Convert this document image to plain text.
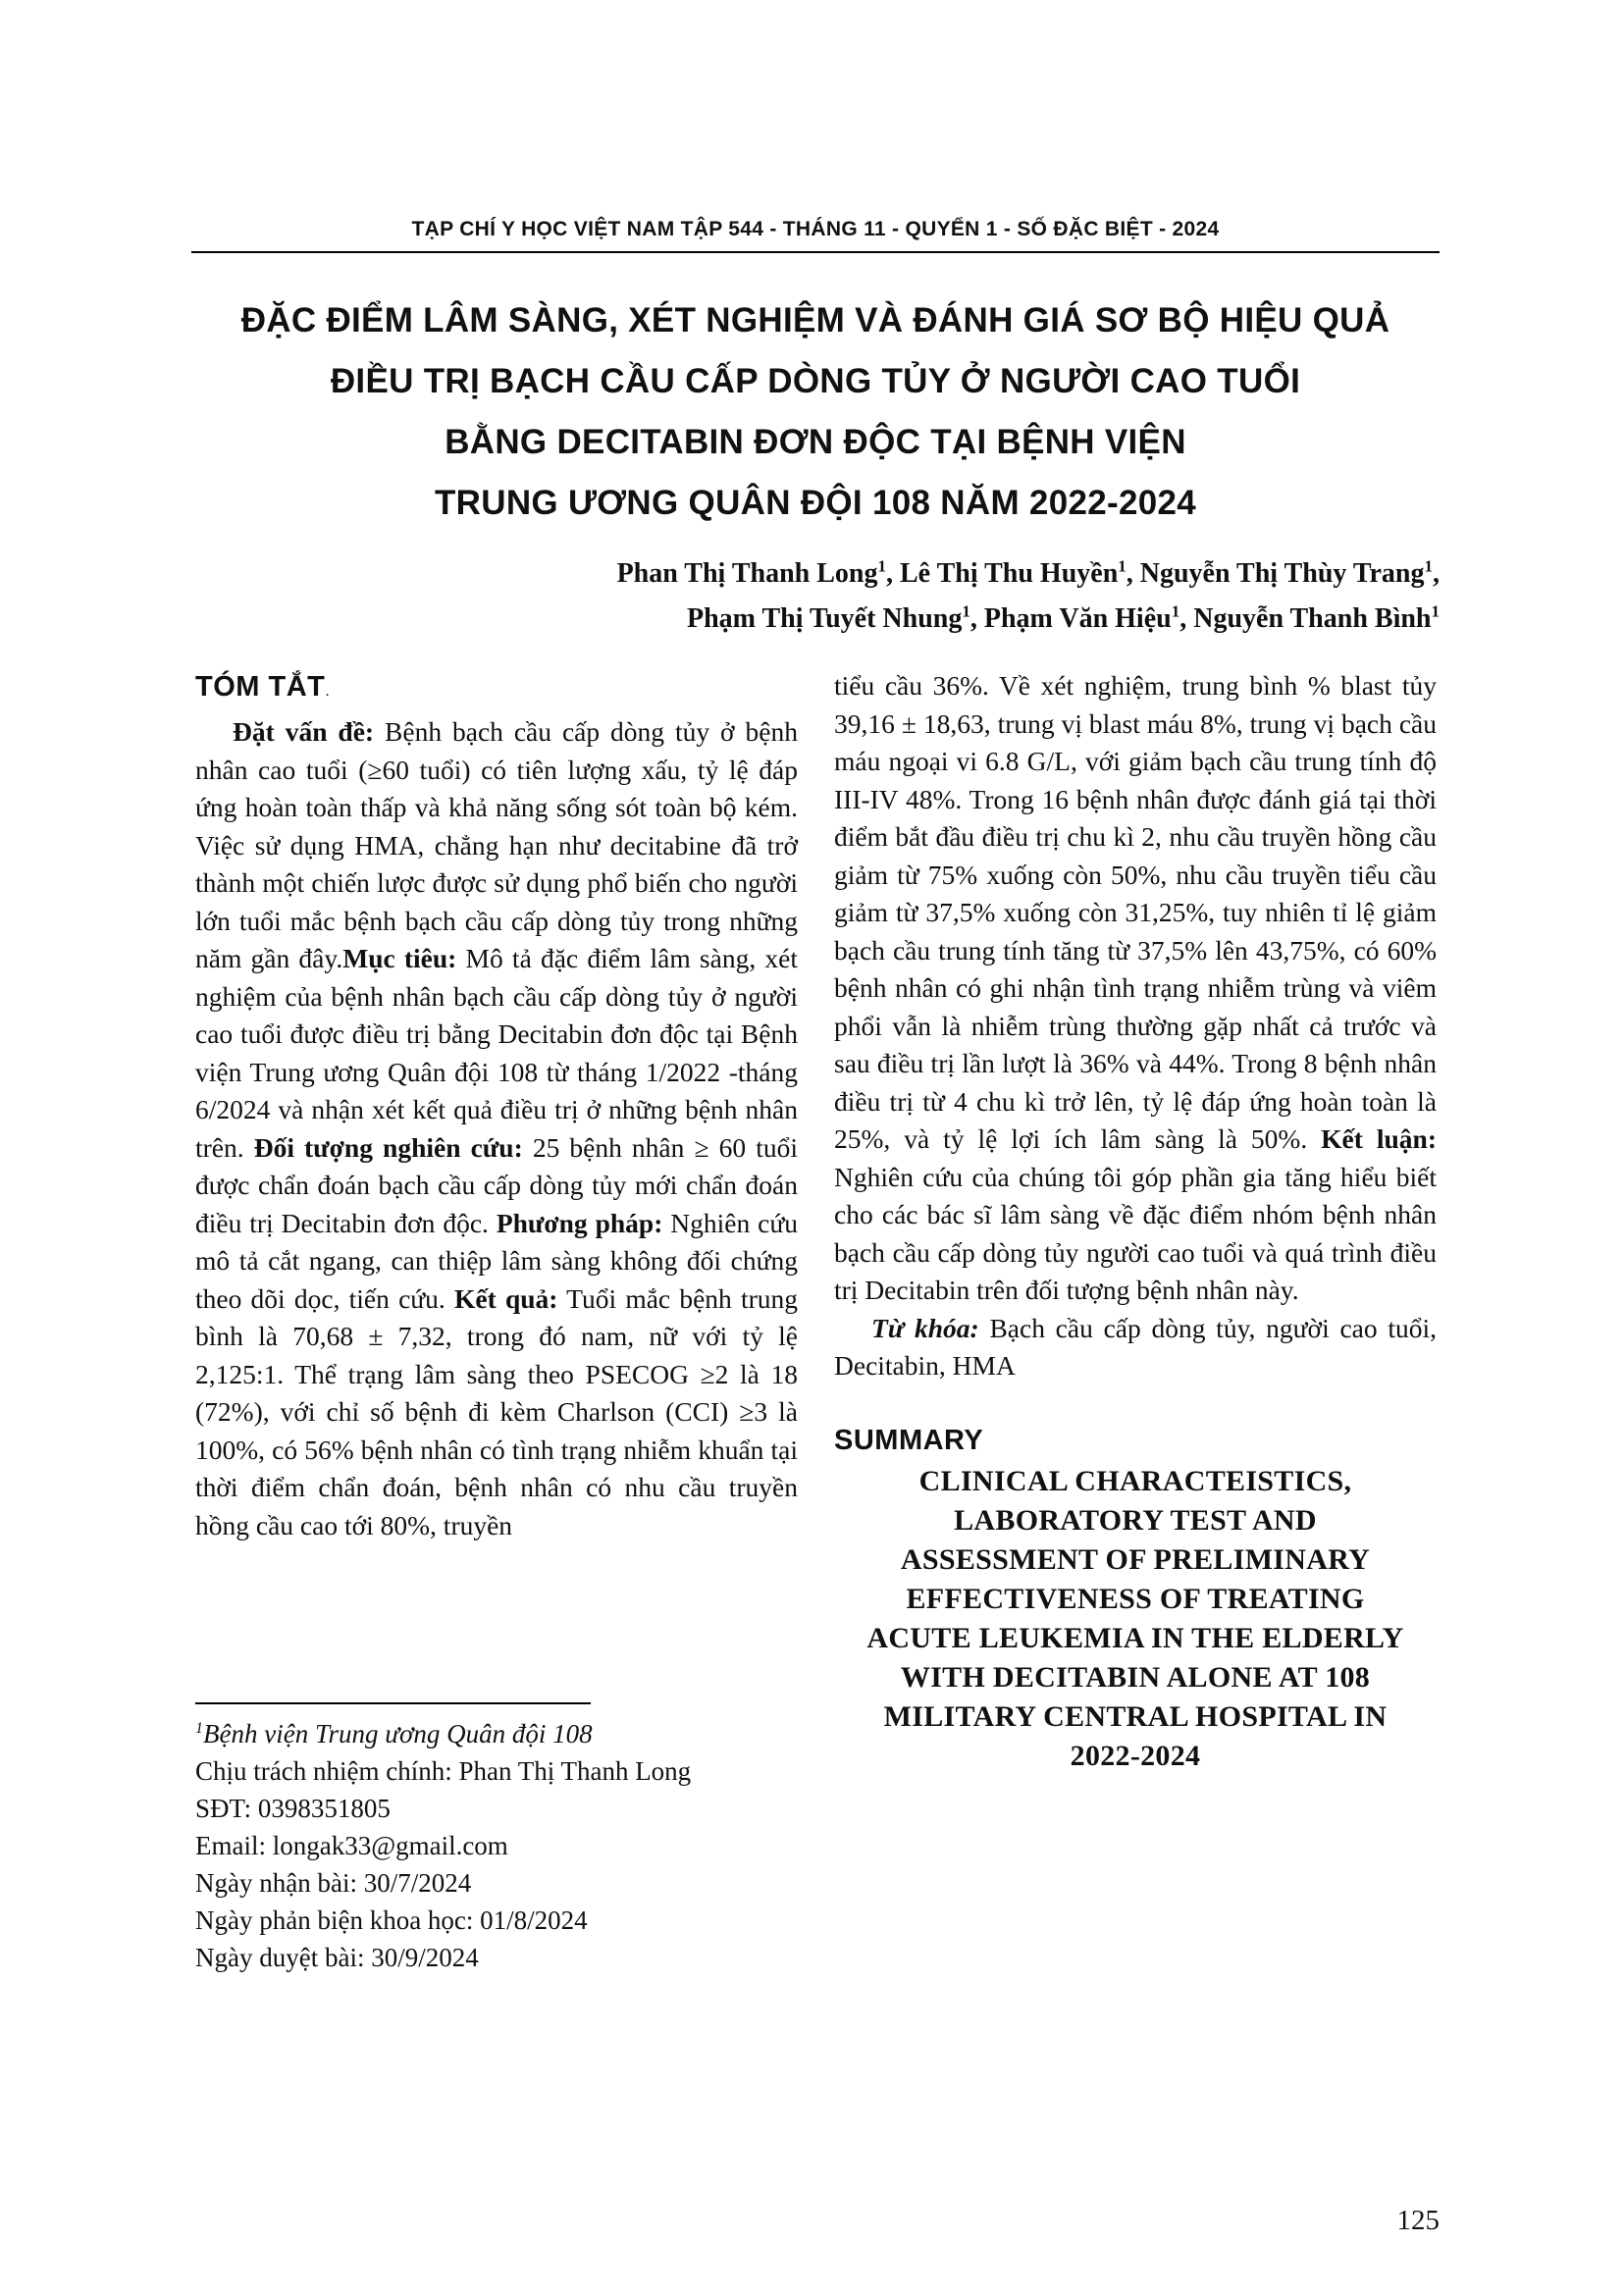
TẠP CHÍ Y HỌC VIỆT NAM TẬP 544 - THÁNG 11 - QUYỂN 1 - SỐ ĐẶC BIỆT - 2024
ĐẶC ĐIỂM LÂM SÀNG, XÉT NGHIỆM VÀ ĐÁNH GIÁ SƠ BỘ HIỆU QUẢ
ĐIỀU TRỊ BẠCH CẦU CẤP DÒNG TỦY Ở NGƯỜI CAO TUỔI
BẰNG DECITABIN ĐƠN ĐỘC TẠI BỆNH VIỆN
TRUNG ƯƠNG QUÂN ĐỘI 108 NĂM 2022-2024

Phan Thị Thanh Long$^1$, Lê Thị Thu Huyền$^1$, Nguyễn Thị Thùy Trang$^1$,
Phạm Thị Tuyết Nhung$^1$, Phạm Văn Hiệu$^1$, Nguyễn Thanh Bình$^1$

TÓM TẮT.

Đặt vấn đề: Bệnh bạch cầu cấp dòng tủy ở bệnh nhân cao tuổi (≥60 tuổi) có tiên lượng xấu, tỷ lệ đáp ứng hoàn toàn thấp và khả năng sống sót toàn bộ kém. Việc sử dụng HMA, chẳng hạn như decitabine đã trở thành một chiến lược được sử dụng phổ biến cho người lớn tuổi mắc bệnh bạch cầu cấp dòng tủy trong những năm gần đây.Mục tiêu: Mô tả đặc điểm lâm sàng, xét nghiệm của bệnh nhân bạch cầu cấp dòng tủy ở người cao tuổi được điều trị bằng Decitabin đơn độc tại Bệnh viện Trung ương Quân đội 108 từ tháng 1/2022 -tháng 6/2024 và nhận xét kết quả điều trị ở những bệnh nhân trên. Đối tượng nghiên cứu: 25 bệnh nhân ≥ 60 tuổi được chẩn đoán bạch cầu cấp dòng tủy mới chẩn đoán điều trị Decitabin đơn độc. Phương pháp: Nghiên cứu mô tả cắt ngang, can thiệp lâm sàng không đối chứng theo dõi dọc, tiến cứu. Kết quả: Tuổi mắc bệnh trung bình là 70,68 ± 7,32, trong đó nam, nữ với tỷ lệ 2,125:1. Thể trạng lâm sàng theo PSECOG ≥2 là 18 (72%), với chỉ số bệnh đi kèm Charlson (CCI) ≥3 là 100%, có 56% bệnh nhân có tình trạng nhiễm khuẩn tại thời điểm chẩn đoán, bệnh nhân có nhu cầu truyền hồng cầu cao tới 80%, truyền

$^1$Bệnh viện Trung ương Quân đội 108
Chịu trách nhiệm chính: Phan Thị Thanh Long
SĐT: 0398351805
Email: longak33@gmail.com
Ngày nhận bài: 30/7/2024
Ngày phản biện khoa học: 01/8/2024
Ngày duyệt bài: 30/9/2024

tiểu cầu 36%. Về xét nghiệm, trung bình % blast tủy 39,16 ± 18,63, trung vị blast máu 8%, trung vị bạch cầu máu ngoại vi 6.8 G/L, với giảm bạch cầu trung tính độ III-IV 48%. Trong 16 bệnh nhân được đánh giá tại thời điểm bắt đầu điều trị chu kì 2, nhu cầu truyền hồng cầu giảm từ 75% xuống còn 50%, nhu cầu truyền tiểu cầu giảm từ 37,5% xuống còn 31,25%, tuy nhiên tỉ lệ giảm bạch cầu trung tính tăng từ 37,5% lên 43,75%, có 60% bệnh nhân có ghi nhận tình trạng nhiễm trùng và viêm phổi vẫn là nhiễm trùng thường gặp nhất cả trước và sau điều trị lần lượt là 36% và 44%. Trong 8 bệnh nhân điều trị từ 4 chu kì trở lên, tỷ lệ đáp ứng hoàn toàn là 25%, và tỷ lệ lợi ích lâm sàng là 50%. Kết luận: Nghiên cứu của chúng tôi góp phần gia tăng hiểu biết cho các bác sĩ lâm sàng về đặc điểm nhóm bệnh nhân bạch cầu cấp dòng tủy người cao tuổi và quá trình điều trị Decitabin trên đối tượng bệnh nhân này.

Từ khóa: Bạch cầu cấp dòng tủy, người cao tuổi, Decitabin, HMA

SUMMARY
CLINICAL CHARACTEISTICS,
LABORATORY TEST AND
ASSESSMENT OF PRELIMINARY
EFFECTIVENESS OF TREATING
ACUTE LEUKEMIA IN THE ELDERLY
WITH DECITABIN ALONE AT 108
MILITARY CENTRAL HOSPITAL IN
2022-2024
125
